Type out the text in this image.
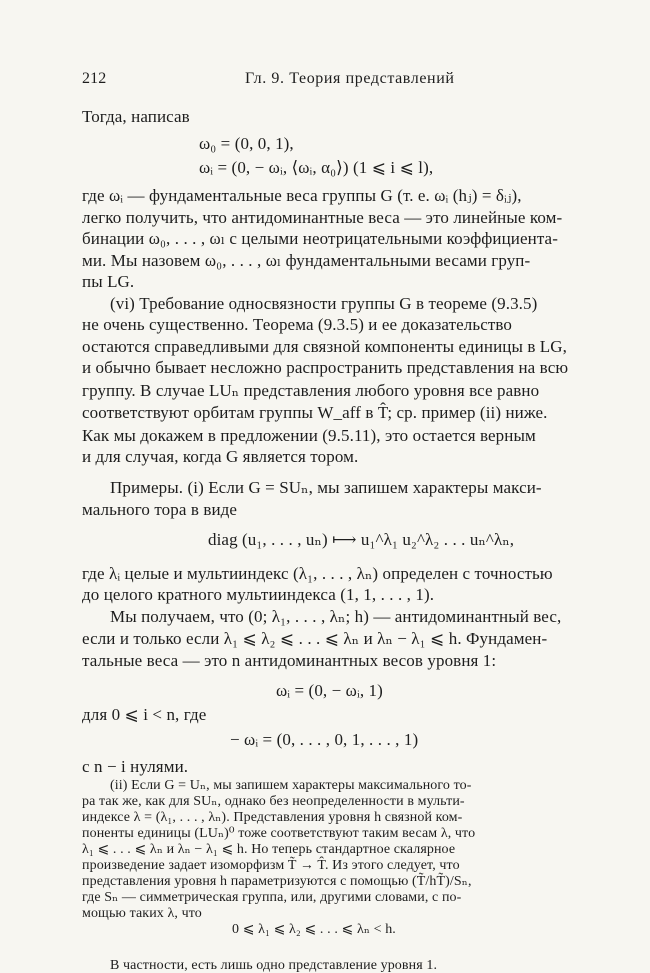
212	Гл. 9. Теория представлений
Тогда, написав
ω₀ = (0, 0, 1),
ωᵢ = (0, − ωᵢ, ⟨ωᵢ, α₀⟩) (1 ⩽ i ⩽ l),
где ωᵢ — фундаментальные веса группы G (т. е. ωᵢ (hⱼ) = δᵢⱼ),
легко получить, что антидоминантные веса — это линейные ком-
бинации ω₀, . . . , ωₗ с целыми неотрицательными коэффициента-
ми. Мы назовем ω₀, . . . , ωₗ фундаментальными весами груп-
пы LG.
(vi) Требование односвязности группы G в теореме (9.3.5)
не очень существенно. Теорема (9.3.5) и ее доказательство
остаются справедливыми для связной компоненты единицы в LG,
и обычно бывает несложно распространить представления на всю
группу. В случае LUₙ представления любого уровня все равно
соответствуют орбитам группы W_aff в T̂; ср. пример (ii) ниже.
Как мы докажем в предложении (9.5.11), это остается верным
и для случая, когда G является тором.
Примеры. (i) Если G = SUₙ, мы запишем характеры макси-
мального тора в виде
diag (u₁, . . . , uₙ) ⟼ u₁^λ₁ u₂^λ₂ . . . uₙ^λₙ,
где λᵢ целые и мультииндекс (λ₁, . . . , λₙ) определен с точностью
до целого кратного мультииндекса (1, 1, . . . , 1).
Мы получаем, что (0; λ₁, . . . , λₙ; h) — антидоминантный вес,
если и только если λ₁ ⩽ λ₂ ⩽ . . . ⩽ λₙ и λₙ − λ₁ ⩽ h. Фундамен-
тальные веса — это n антидоминантных весов уровня 1:
ωᵢ = (0, − ωᵢ, 1)
для 0 ⩽ i < n, где
− ωᵢ = (0, . . . , 0, 1, . . . , 1)
с n − i нулями.
(ii) Если G = Uₙ, мы запишем характеры максимального то-
ра так же, как для SUₙ, однако без неопределенности в мульти-
индексе λ = (λ₁, . . . , λₙ). Представления уровня h связной ком-
поненты единицы (LUₙ)⁰ тоже соответствуют таким весам λ, что
λ₁ ⩽ . . . ⩽ λₙ и λₙ − λ₁ ⩽ h. Но теперь стандартное скалярное
произведение задает изоморфизм T̃ → T̂. Из этого следует, что
представления уровня h параметризуются с помощью (T̃/hT̃)/Sₙ,
где Sₙ — симметрическая группа, или, другими словами, с по-
мощью таких λ, что
0 ⩽ λ₁ ⩽ λ₂ ⩽ . . . ⩽ λₙ < h.
В частности, есть лишь одно представление уровня 1.
